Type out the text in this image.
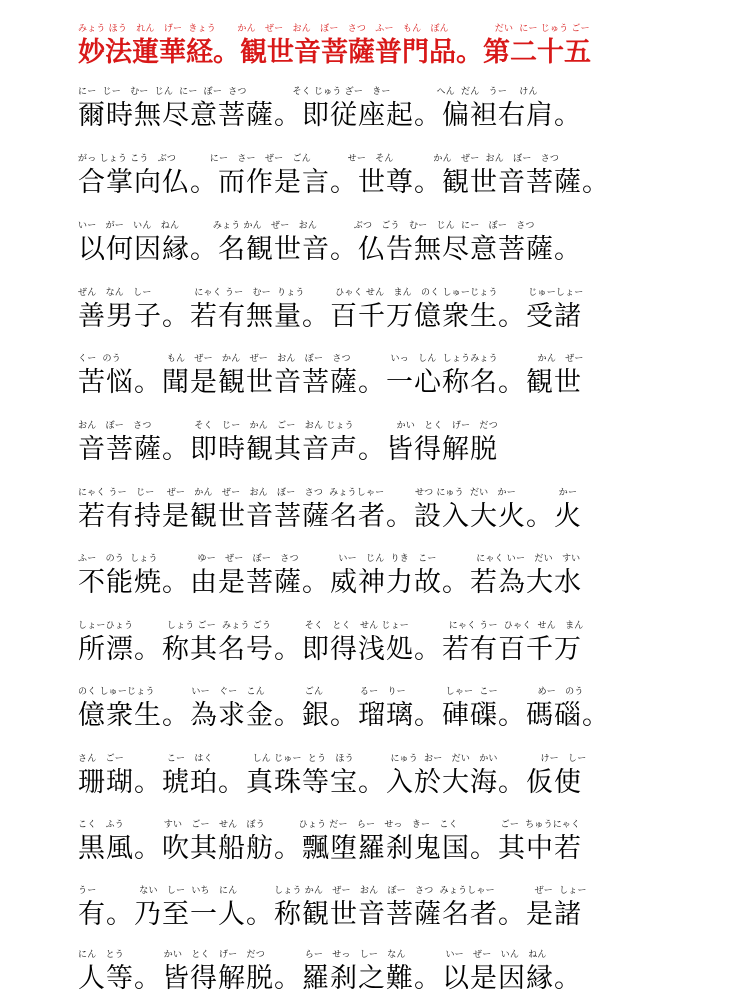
みょう ほう   れん   げー  きょう       かん   ぜー   おん   ぼー   さつ   ふー   もん   ぼん               だい  にー じゅう ごー
妙法蓮華経。観世音菩薩普門品。第二十五
にー  じー   むー  じん  にー  ぼー  さつ               そく じゅう ざー   きー               へん  だん   うー    けん
爾時無尽意菩薩。即従座起。偏袒右肩。
がっ しょう こう   ぶつ           にー   さー   ぜー   ごん            せー   そん             かん   ぜー  おん   ぼー   さつ
合掌向仏。而作是言。世尊。観世音菩薩。
いー   がー   いん   ねん           みょう かん   ぜー   おん            ぶつ   ごう   むー   じん  にー   ぼー   さつ
以何因縁。名観世音。仏告無尽意菩薩。
ぜん   なん   しー              にゃく うー   むー  りょう          ひゃく せん   まん   のく しゅーじょう          じゅーしょー
善男子。若有無量。百千万億衆生。受諸
くー  のう               もん   ぜー   かん   ぜー   おん   ぼー   さつ             いっ   しん  しょうみょう             かん   ぜー
苦悩。聞是観世音菩薩。一心称名。観世
おん   ぼー   さつ              そく   じー   かん   ごー   おん じょう              かい   とく   げー   だつ
音菩薩。即時観其音声。皆得解脱
にゃく うー   じー    ぜー   かん   ぜー   おん   ぼー   さつ  みょうしゃー          せつ にゅう  だい   かー              かー
若有持是観世音菩薩名者。設入大火。火
ふー   のう  しょう             ゆー   ぜー   ぼー   さつ             いー   じん  りき   こー             にゃく いー   だい   すい
不能焼。由是菩薩。威神力故。若為大水
しょーひょう           しょう ごー  みょう ごう           そく   とく   せん じょー             にゃく うー  ひゃく  せん   まん
所漂。称其名号。即得浅処。若有百千万
のく しゅーじょう            いー   ぐー   こん             ごん            るー   りー             しゃー  こー             めー   のう
億衆生。為求金。銀。瑠璃。硨磲。碼碯。
さん   ごー              こー   はく             しん じゅー  とう   ほう            にゅう  おー   だい   かい              けー   しー
珊瑚。琥珀。真珠等宝。入於大海。仮使
こく   ふう             すい   ごー   せん   ぼう           ひょう だー   らー   せっ   きー   こく              ごー  ちゅうにゃく
黒風。吹其船舫。飄堕羅刹鬼国。其中若
うー              ない   しー  いち   にん            しょう かん   ぜー   おん   ぼー   さつ  みょうしゃー             ぜー  しょー
有。乃至一人。称観世音菩薩名者。是諸
にん   とう             かい   とく   げー   だつ             らー   せっ   しー   なん             いー   ぜー   いん   ねん
人等。皆得解脱。羅刹之難。以是因縁。
